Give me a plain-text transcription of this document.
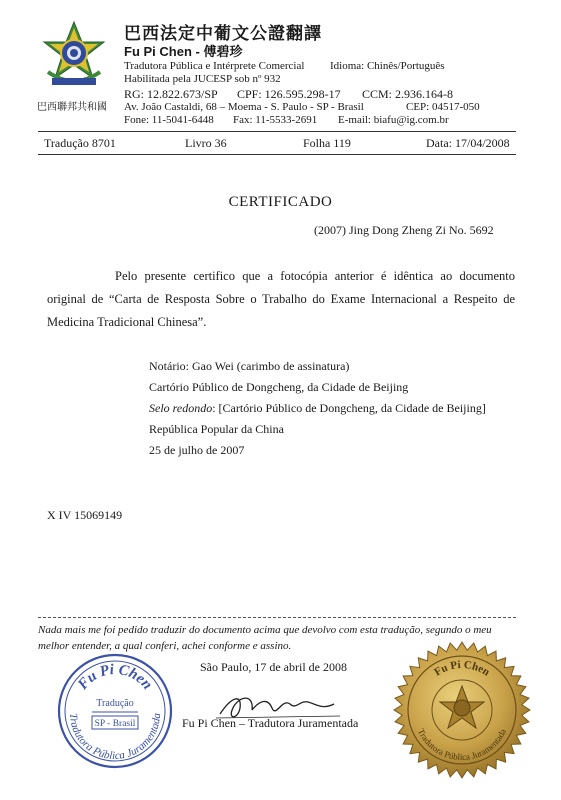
巴西聯邦共和國
巴西法定中葡文公證翻譯
Fu Pi Chen - 傅碧珍
Tradutora Pública e Intérprete Comercial Idioma: Chinês/Português
Habilitada pela JUCESP sob nº 932
RG: 12.822.673/SP CPF: 126.595.298-17 CCM: 2.936.164-8
Av. João Castaldi, 68 – Moema - S. Paulo - SP - Brasil	CEP: 04517-050
Fone: 11-5041-6448 Fax: 11-5533-2691 E-mail: biafu@ig.com.br
Tradução 8701	Livro 36	Folha 119	Data: 17/04/2008
CERTIFICADO
(2007) Jing Dong Zheng Zi No. 5692
Pelo presente certifico que a fotocópia anterior é idêntica ao documento original de “Carta de Resposta Sobre o Trabalho do Exame Internacional a Respeito de Medicina Tradicional Chinesa”.
Notário: Gao Wei (carimbo de assinatura)
Cartório Público de Dongcheng, da Cidade de Beijing
Selo redondo: [Cartório Público de Dongcheng, da Cidade de Beijing]
República Popular da China
25 de julho de 2007
X IV 15069149
Nada mais me foi pedido traduzir do documento acima que devolvo com esta tradução, segundo o meu melhor entender, a qual conferi, achei conforme e assino.
São Paulo, 17 de abril de 2008
Fu Pi Chen – Tradutora Juramentada
Fu Pi Chen
Tradução
SP - Brasil
Tradutora Pública Juramentada
Fu Pi Chen
Tradutora Pública Juramentada
